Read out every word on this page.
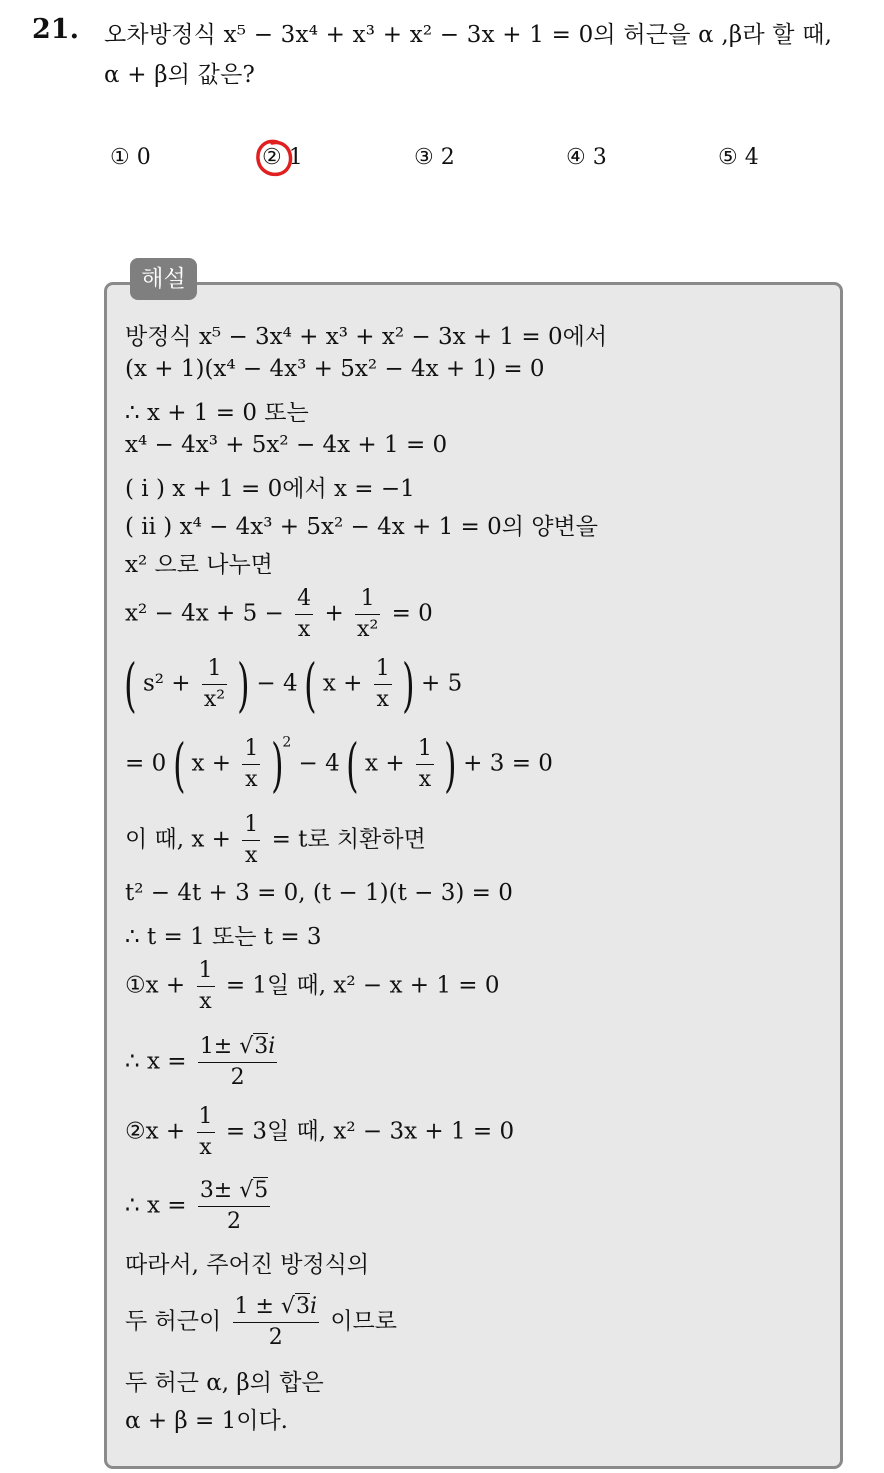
21. 오차방정식 x⁵ − 3x⁴ + x³ + x² − 3x + 1 = 0의 허근을 α ,β라 할 때,
α + β의 값은?
① 0	② 1	③ 2	④ 3	⑤ 4
해설
방정식 x⁵ − 3x⁴ + x³ + x² − 3x + 1 = 0에서
(x + 1)(x⁴ − 4x³ + 5x² − 4x + 1) = 0
∴ x + 1 = 0 또는
x⁴ − 4x³ + 5x² − 4x + 1 = 0
( i ) x + 1 = 0에서 x = −1
( ii ) x⁴ − 4x³ + 5x² − 4x + 1 = 0의 양변을
x² 으로 나누면
$x^2 - 4x + 5 - \frac{4}{x} + \frac{1}{\text{x²}} = 0$
( $s^2 + \frac{1}{\text{x²}}$ ) − 4 ( $x + \frac{1}{x}$ ) + 5
= 0 ( $x + \frac{1}{x} )^2 - 4$ ( $x + \frac{1}{x}$ ) + 3 = 0
이 때, $x + \frac{1}{x} = t$로 치환하면
t² − 4t + 3 = 0, (t − 1)(t − 3) = 0
∴ t = 1 또는 t = 3
①x + $\frac{1}{x} = 1$일 때, x² − x + 1 = 0
∴ $x = \frac{1\pm √3i}{2}$
②x + $\frac{1}{x} = 3$일 때, x² − 3x + 1 = 0
∴ $x = \frac{3\pm √5}{2}$
따라서, 주어진 방정식의
두 허근이 $\frac{1 \pm √3i}{2}$ 이므로
두 허근 α, β의 합은
α + β = 1이다.
